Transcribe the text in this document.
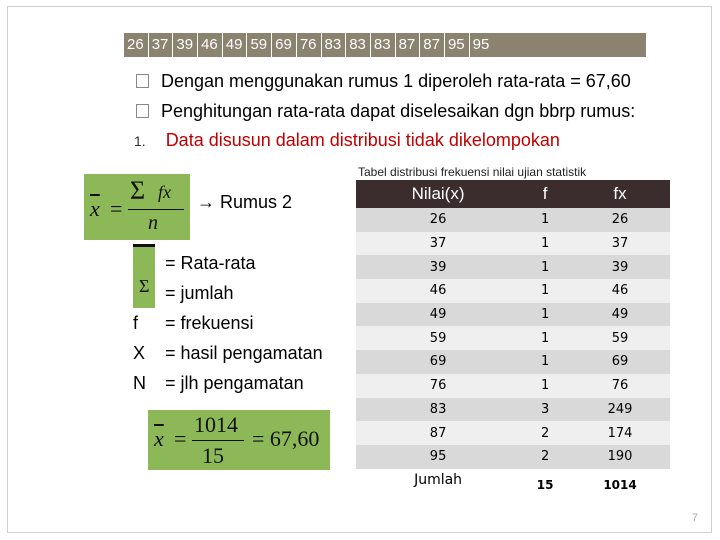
26 37 39 46 49 59 69 76 83 83 83 87 87 95 95
Dengan menggunakan rumus 1 diperoleh rata-rata = 67,60
Penghitungan rata-rata dapat diselesaikan dgn bbrp rumus:
1. Data disusun dalam distribusi tidak dikelompokan
$\overline{x}$ =
Σ fx
n
→ Rumus 2
Σ
= Rata-rata
= jumlah
f = frekuensi
X = hasil pengamatan
N = jlh pengamatan
$\overline{x}$ =
1014
15
= 67,60
Tabel distribusi frekuensi nilai ujian statistik
Nilai(x)	f	fx
26	1	26
37	1	37
39	1	39
46	1	46
49	1	49
59	1	59
69	1	69
76	1	76
83	3	249
87	2	174
95	2	190
Jumlah	15	1014
7
